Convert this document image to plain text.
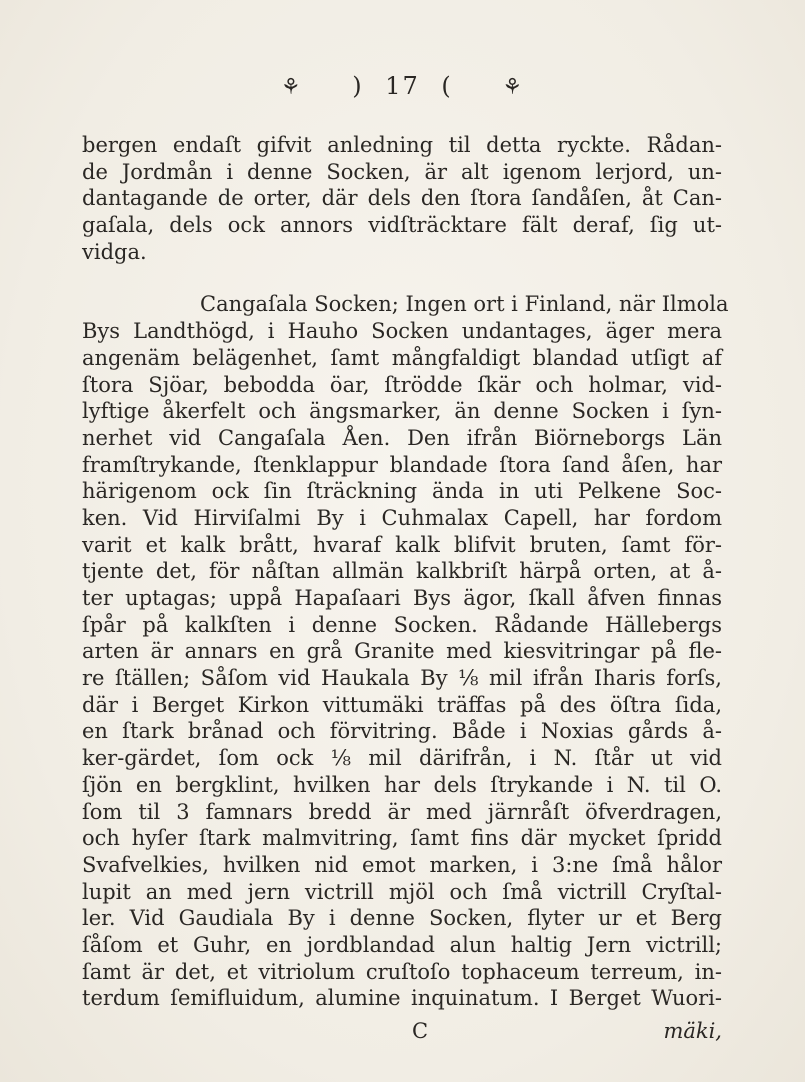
⚘ ) 17 ( ⚘
bergen endaſt gifvit anledning til detta ryckte. Rådan-
de Jordmån i denne Socken, är alt igenom lerjord, un-
dantagande de orter, där dels den ſtora ſandåſen, åt Can-
gaſala, dels ock annors vidſträcktare fält deraf, ſig ut-
vidga.
Cangaſala Socken; Ingen ort i Finland, när Ilmola
Bys Landthögd, i Hauho Socken undantages, äger mera
angenäm belägenhet, ſamt mångfaldigt blandad utſigt af
ſtora Sjöar, bebodda öar, ſtrödde ſkär och holmar, vid-
lyftige åkerfelt och ängsmarker, än denne Socken i ſyn-
nerhet vid Cangaſala Åen. Den ifrån Biörneborgs Län
framſtrykande, ſtenklappur blandade ſtora ſand åſen, har
härigenom ock ſin ſträckning ända in uti Pelkene Soc-
ken. Vid Hirviſalmi By i Cuhmalax Capell, har fordom
varit et kalk brått, hvaraf kalk blifvit bruten, ſamt för-
tjente det, för nåſtan allmän kalkbriſt härpå orten, at å-
ter uptagas; uppå Hapaſaari Bys ägor, ſkall åfven finnas
ſpår på kalkſten i denne Socken. Rådande Hällebergs
arten är annars en grå Granite med kiesvitringar på fle-
re ſtällen; Såſom vid Haukala By ⅛ mil ifrån Iharis forſs,
där i Berget Kirkon vittumäki träffas på des öſtra ſida,
en ſtark brånad och förvitring. Både i Noxias gårds å-
ker-gärdet, ſom ock ⅛ mil därifrån, i N. ſtår ut vid
ſjön en bergklint, hvilken har dels ſtrykande i N. til O.
ſom til 3 famnars bredd är med järnråſt öfverdragen,
och hyſer ſtark malmvitring, ſamt fins där mycket ſpridd
Svafvelkies, hvilken nid emot marken, i 3:ne ſmå hålor
lupit an med jern victrill mjöl och ſmå victrill Cryſtal-
ler. Vid Gaudiala By i denne Socken, flyter ur et Berg
ſåſom et Guhr, en jordblandad alun haltig Jern victrill;
ſamt är det, et vitriolum cruſtoſo tophaceum terreum, in-
terdum ſemifluidum, alumine inquinatum. I Berget Wuori-
C	mäki,
